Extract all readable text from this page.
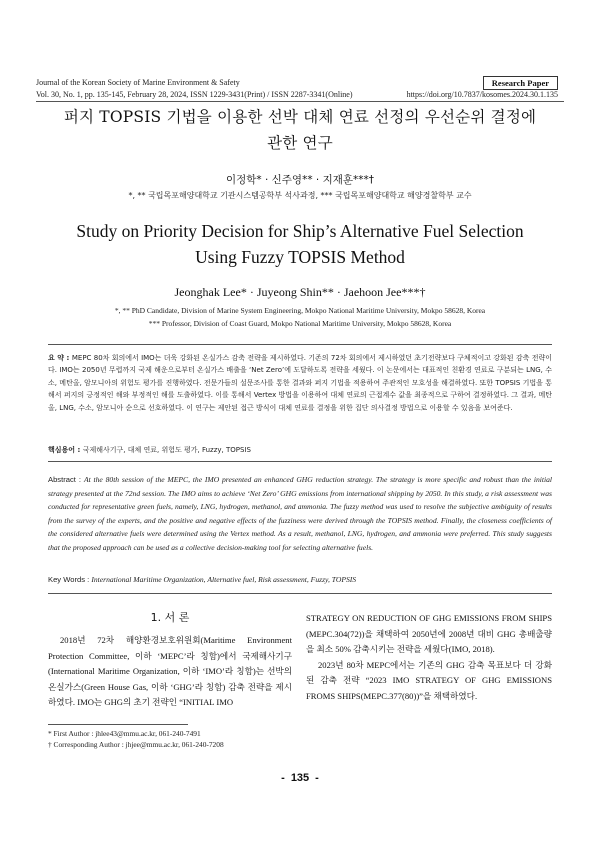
Journal of the Korean Society of Marine Environment & Safety	Research Paper
Vol. 30, No. 1, pp. 135-145, February 28, 2024, ISSN 1229-3431(Print) / ISSN 2287-3341(Online)	https://doi.org/10.7837/kosomes.2024.30.1.135
퍼지 TOPSIS 기법을 이용한 선박 대체 연료 선정의 우선순위 결정에
관한 연구
이정학* · 신주영** · 지재훈***†
*, ** 국립목포해양대학교 기관시스템공학부 석사과정, *** 국립목포해양대학교 해양경찰학부 교수
Study on Priority Decision for Ship’s Alternative Fuel Selection
Using Fuzzy TOPSIS Method
Jeonghak Lee* · Juyeong Shin** · Jaehoon Jee***†
*, ** PhD Candidate, Division of Marine System Engineering, Mokpo National Maritime University, Mokpo 58628, Korea
*** Professor, Division of Coast Guard, Mokpo National Maritime University, Mokpo 58628, Korea
요 약 : MEPC 80차 회의에서 IMO는 더욱 강화된 온실가스 감축 전략을 제시하였다. 기존의 72차 회의에서 제시하였던 초기전략보다 구체적이고 강화된 감축 전략이다. IMO는 2050년 무렵까지 국제 해운으로부터 온실가스 배출을 ‘Net Zero’에 도달하도록 전략을 세웠다. 이 논문에서는 대표적인 친환경 연료로 구분되는 LNG, 수소, 메탄올, 암모니아의 위험도 평가를 진행하였다. 전문가들의 설문조사를 통한 결과와 퍼지 기법을 적용하여 주관적인 모호성을 해결하였다. 또한 TOPSIS 기법을 통해서 퍼지의 긍정적인 해와 부정적인 해를 도출하였다. 이를 통해서 Vertex 방법을 이용하여 대체 연료의 근접계수 값을 최종적으로 구하여 결정하였다. 그 결과, 메탄올, LNG, 수소, 암모니아 순으로 선호하였다. 이 연구는 제안된 접근 방식이 대체 연료를 결정을 위한 집단 의사결정 방법으로 이용할 수 있음을 보여준다.
핵심용어 : 국제해사기구, 대체 연료, 위험도 평가, Fuzzy, TOPSIS
Abstract : At the 80th session of the MEPC, the IMO presented an enhanced GHG reduction strategy. The strategy is more specific and robust than the initial strategy presented at the 72nd session. The IMO aims to achieve ‘Net Zero’ GHG emissions from international shipping by 2050. In this study, a risk assessment was conducted for representative green fuels, namely, LNG, hydrogen, methanol, and ammonia. The fuzzy method was used to resolve the subjective ambiguity of results from the survey of the experts, and the positive and negative effects of the fuzziness were derived through the TOPSIS method. Finally, the closeness coefficients of the considered alternative fuels were determined using the Vertex method. As a result, methanol, LNG, hydrogen, and ammonia were preferred. This study suggests that the proposed approach can be used as a collective decision-making tool for selecting alternative fuels.
Key Words : International Maritime Organization, Alternative fuel, Risk assessment, Fuzzy, TOPSIS
1. 서 론

2018년 72차 해양환경보호위원회(Maritime Environment Protection Committee, 이하 ‘MEPC’라 칭함)에서 국제해사기구(International Maritime Organization, 이하 ‘IMO’라 칭함)는 선박의 온실가스(Green House Gas, 이하 ‘GHG’라 칭함) 감축 전략을 제시하였다. IMO는 GHG의 초기 전략인 “INITIAL IMO

STRATEGY ON REDUCTION OF GHG EMISSIONS FROM SHIPS (MEPC.304(72))을 채택하여 2050년에 2008년 대비 GHG 총배출량을 최소 50% 감축시키는 전략을 세웠다(IMO, 2018).

2023년 80차 MEPC에서는 기존의 GHG 감축 목표보다 더 강화된 감축 전략 “2023 IMO STRATEGY OF GHG EMISSIONS FROMS SHIPS(MEPC.377(80))”을 채택하였다.

* First Author : jhlee43@mmu.ac.kr, 061-240-7491
† Corresponding Author : jhjee@mmu.ac.kr, 061-240-7208
- 135 -
